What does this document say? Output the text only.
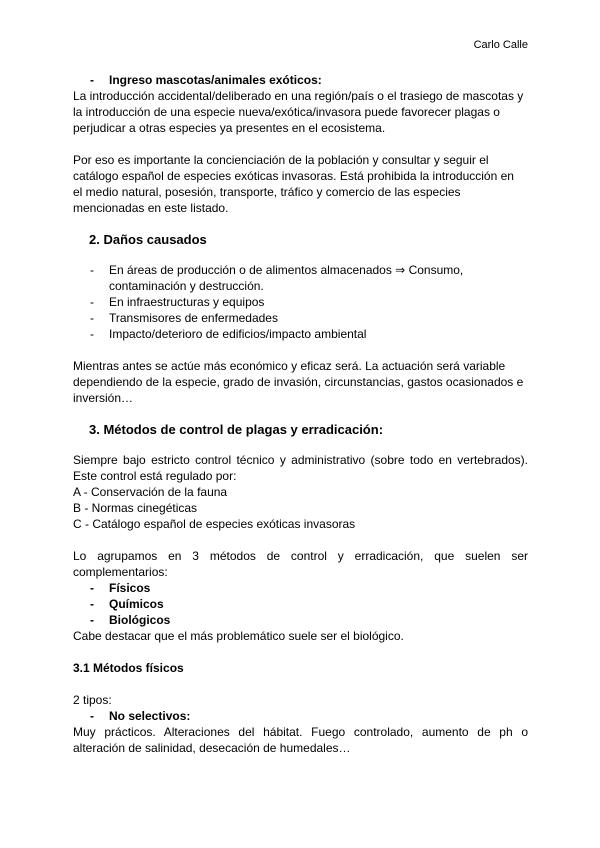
Carlo Calle
- Ingreso mascotas/animales exóticos:
La introducción accidental/deliberado en una región/país o el trasiego de mascotas y
la introducción de una especie nueva/exótica/invasora puede favorecer plagas o
perjudicar a otras especies ya presentes en el ecosistema.
Por eso es importante la concienciación de la población y consultar y seguir el
catálogo español de especies exóticas invasoras. Está prohibida la introducción en
el medio natural, posesión, transporte, tráfico y comercio de las especies
mencionadas en este listado.
2. Daños causados
- En áreas de producción o de alimentos almacenados ⇒ Consumo,
contaminación y destrucción.
- En infraestructuras y equipos
- Transmisores de enfermedades
- Impacto/deterioro de edificios/impacto ambiental
Mientras antes se actúe más económico y eficaz será. La actuación será variable
dependiendo de la especie, grado de invasión, circunstancias, gastos ocasionados e
inversión…
3. Métodos de control de plagas y erradicación:
Siempre bajo estricto control técnico y administrativo (sobre todo en vertebrados).
Este control está regulado por:
A - Conservación de la fauna
B - Normas cinegéticas
C - Catálogo español de especies exóticas invasoras
Lo agrupamos en 3 métodos de control y erradicación, que suelen ser
complementarios:
- Físicos
- Químicos
- Biológicos
Cabe destacar que el más problemático suele ser el biológico.
3.1 Métodos físicos
2 tipos:
- No selectivos:
Muy prácticos. Alteraciones del hábitat. Fuego controlado, aumento de ph o
alteración de salinidad, desecación de humedales…
